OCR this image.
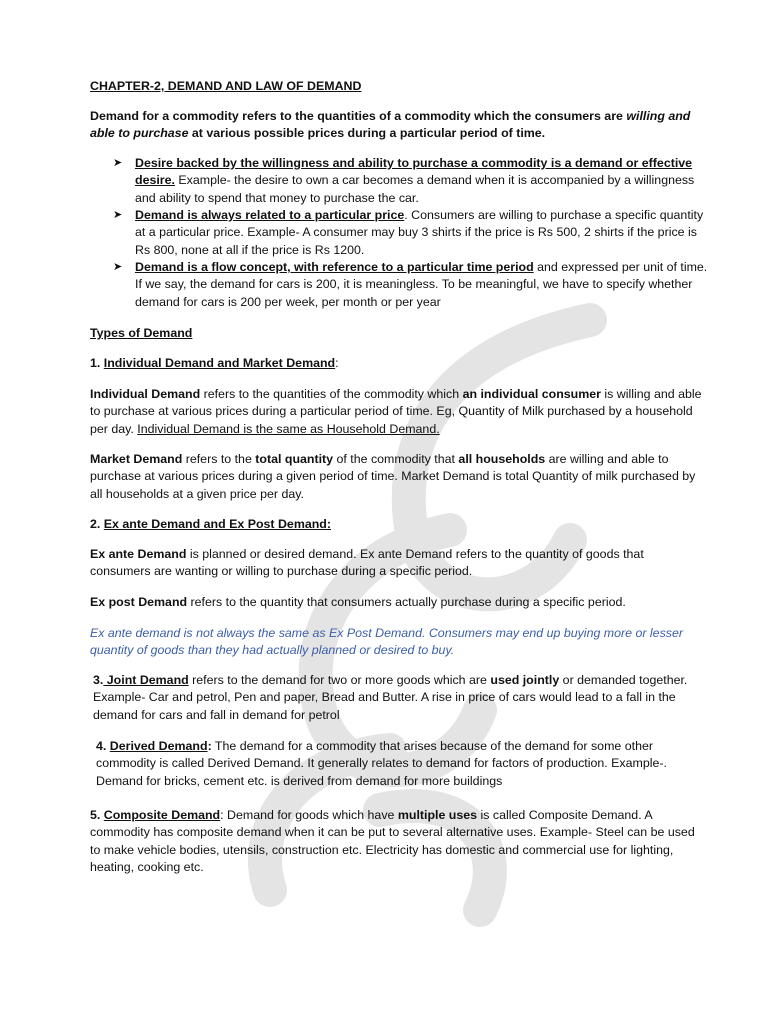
CHAPTER-2, DEMAND AND LAW OF DEMAND

Demand for a commodity refers to the quantities of a commodity which the consumers are willing and able to purchase at various possible prices during a particular period of time.

➤ Desire backed by the willingness and ability to purchase a commodity is a demand or effective desire. Example- the desire to own a car becomes a demand when it is accompanied by a willingness and ability to spend that money to purchase the car.
➤ Demand is always related to a particular price. Consumers are willing to purchase a specific quantity at a particular price. Example- A consumer may buy 3 shirts if the price is Rs 500, 2 shirts if the price is Rs 800, none at all if the price is Rs 1200.
➤ Demand is a flow concept, with reference to a particular time period and expressed per unit of time. If we say, the demand for cars is 200, it is meaningless. To be meaningful, we have to specify whether demand for cars is 200 per week, per month or per year
Types of Demand
1. Individual Demand and Market Demand:

Individual Demand refers to the quantities of the commodity which an individual consumer is willing and able to purchase at various prices during a particular period of time. Eg, Quantity of Milk purchased by a household per day. Individual Demand is the same as Household Demand.

Market Demand refers to the total quantity of the commodity that all households are willing and able to purchase at various prices during a given period of time. Market Demand is total Quantity of milk purchased by all households at a given price per day.

2. Ex ante Demand and Ex Post Demand:

Ex ante Demand is planned or desired demand. Ex ante Demand refers to the quantity of goods that consumers are wanting or willing to purchase during a specific period.

Ex post Demand refers to the quantity that consumers actually purchase during a specific period.

Ex ante demand is not always the same as Ex Post Demand. Consumers may end up buying more or lesser quantity of goods than they had actually planned or desired to buy.

3. Joint Demand refers to the demand for two or more goods which are used jointly or demanded together. Example- Car and petrol, Pen and paper, Bread and Butter. A rise in price of cars would lead to a fall in the demand for cars and fall in demand for petrol

4. Derived Demand: The demand for a commodity that arises because of the demand for some other commodity is called Derived Demand. It generally relates to demand for factors of production. Example-. Demand for bricks, cement etc. is derived from demand for more buildings

5. Composite Demand: Demand for goods which have multiple uses is called Composite Demand. A commodity has composite demand when it can be put to several alternative uses. Example- Steel can be used to make vehicle bodies, utensils, construction etc. Electricity has domestic and commercial use for lighting, heating, cooking etc.
